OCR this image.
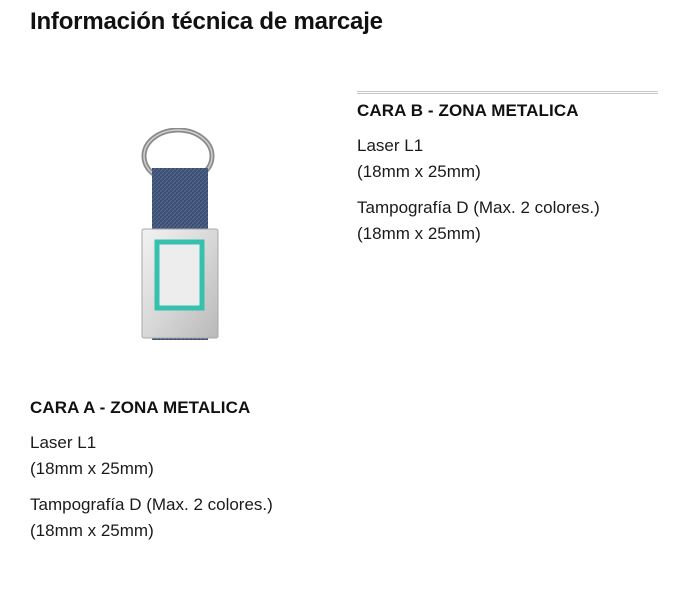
Información técnica de marcaje
CARA B - ZONA METALICA

Laser L1
(18mm x 25mm)

Tampografía D (Max. 2 colores.)
(18mm x 25mm)

CARA A - ZONA METALICA

Laser L1
(18mm x 25mm)

Tampografía D (Max. 2 colores.)
(18mm x 25mm)
